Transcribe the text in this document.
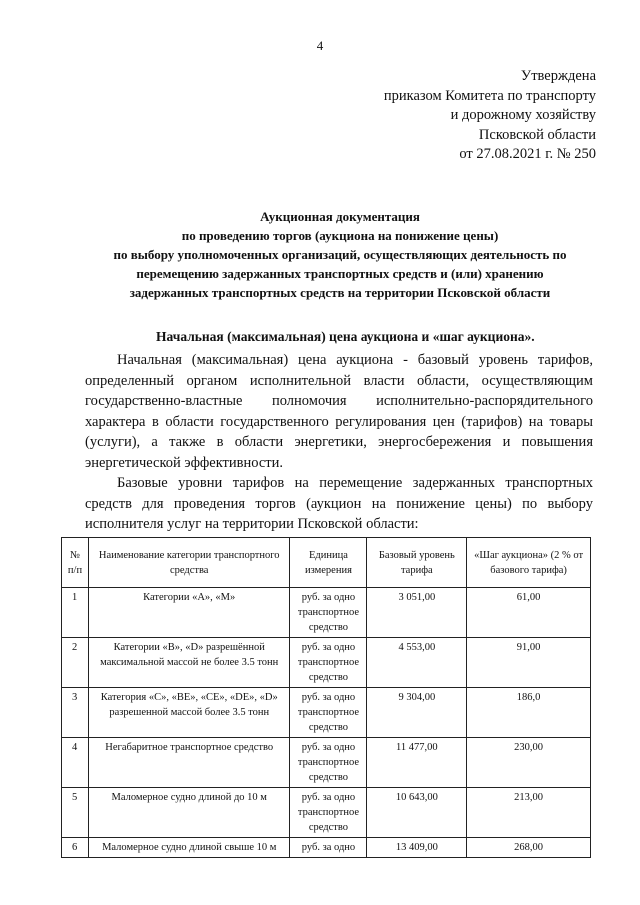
4
Утверждена
приказом Комитета по транспорту
и дорожному хозяйству
Псковской области
от 27.08.2021 г. № 250
Аукционная документация
по проведению торгов (аукциона на понижение цены)
по выбору уполномоченных организаций, осуществляющих деятельность по
перемещению задержанных транспортных средств и (или) хранению
задержанных транспортных средств на территории Псковской области
Начальная (максимальная) цена аукциона и «шаг аукциона».

Начальная (максимальная) цена аукциона - базовый уровень тарифов, определенный органом исполнительной власти области, осуществляющим государственно-властные полномочия исполнительно-распорядительного характера в области государственного регулирования цен (тарифов) на товары (услуги), а также в области энергетики, энергосбережения и повышения энергетической эффективности.

Базовые уровни тарифов на перемещение задержанных транспортных средств для проведения торгов (аукцион на понижение цены) по выбору исполнителя услуг на территории Псковской области:

№ п/п	Наименование категории транспортного средства	Единица измерения	Базовый уровень тарифа	«Шаг аукциона» (2 % от базового тарифа)
1	Категории «А», «М»	руб. за одно транспортное средство	3 051,00	61,00
2	Категории «B», «D» разрешённой максимальной массой не более 3.5 тонн	руб. за одно транспортное средство	4 553,00	91,00
3	Категория «С», «ВЕ», «СЕ», «DE», «D» разрешенной массой более 3.5 тонн	руб. за одно транспортное средство	9 304,00	186,0
4	Негабаритное транспортное средство	руб. за одно транспортное средство	11 477,00	230,00
5	Маломерное судно длиной до 10 м	руб. за одно транспортное средство	10 643,00	213,00
6	Маломерное судно длиной свыше 10 м	руб. за одно	13 409,00	268,00
